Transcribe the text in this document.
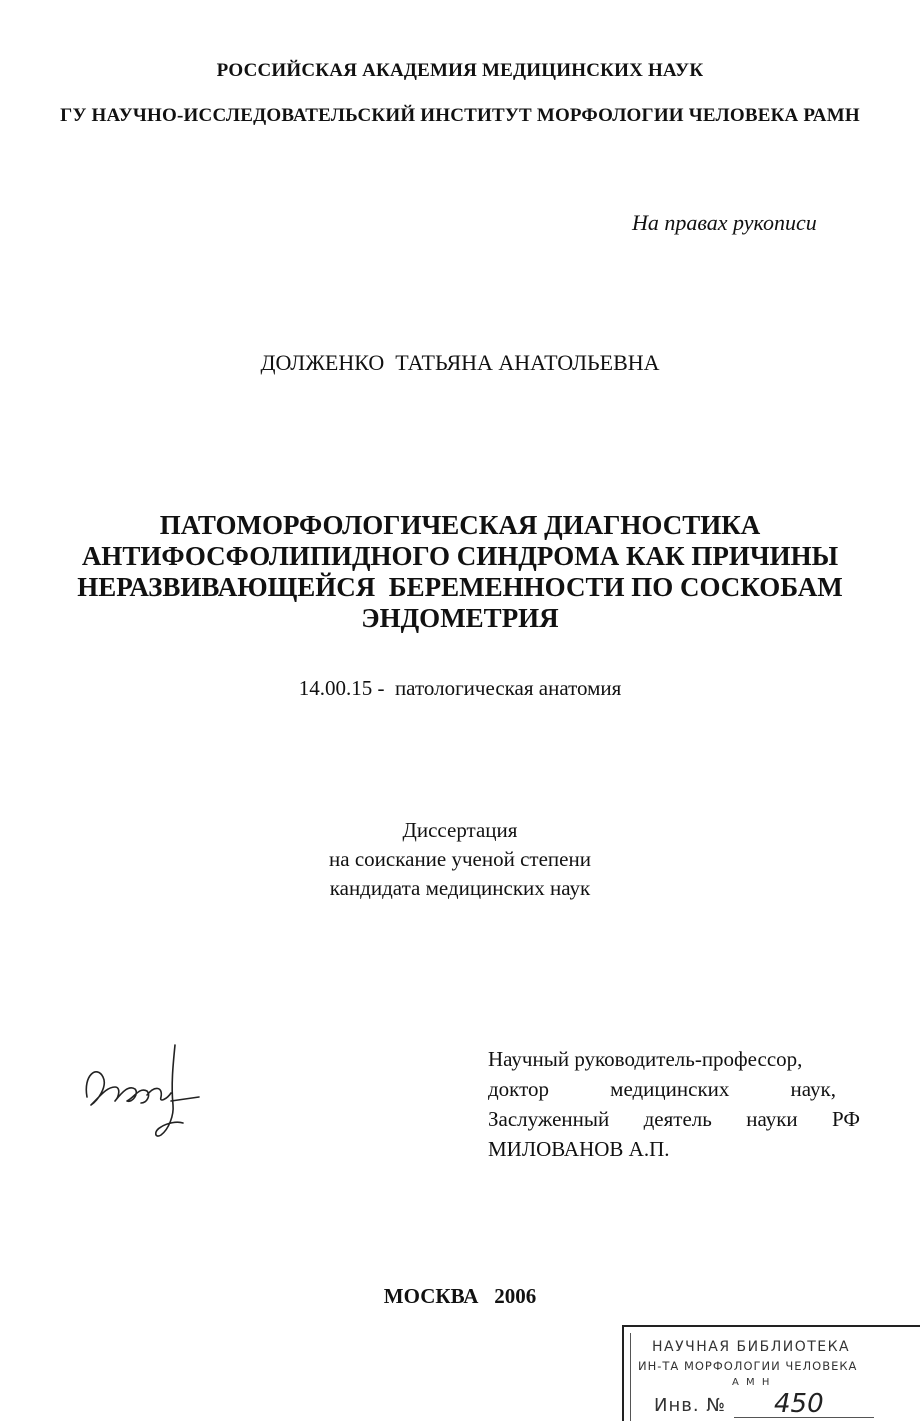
РОССИЙСКАЯ АКАДЕМИЯ МЕДИЦИНСКИХ НАУК
ГУ НАУЧНО-ИССЛЕДОВАТЕЛЬСКИЙ ИНСТИТУТ МОРФОЛОГИИ ЧЕЛОВЕКА РАМН
На правах рукописи
ДОЛЖЕНКО  ТАТЬЯНА АНАТОЛЬЕВНА
ПАТОМОРФОЛОГИЧЕСКАЯ ДИАГНОСТИКА
АНТИФОСФОЛИПИДНОГО СИНДРОМА КАК ПРИЧИНЫ
НЕРАЗВИВАЮЩЕЙСЯ  БЕРЕМЕННОСТИ ПО СОСКОБАМ
ЭНДОМЕТРИЯ
14.00.15 -  патологическая анатомия
Диссертация
на соискание ученой степени
кандидата медицинских наук
Научный руководитель-профессор,
доктор	медицинских	наук,
Заслуженный деятель науки РФ
МИЛОВАНОВ А.П.
МОСКВА   2006
НАУЧНАЯ БИБЛИОТЕКА
ИН-ТА МОРФОЛОГИИ ЧЕЛОВЕКА
А М Н
Инв. № 450
